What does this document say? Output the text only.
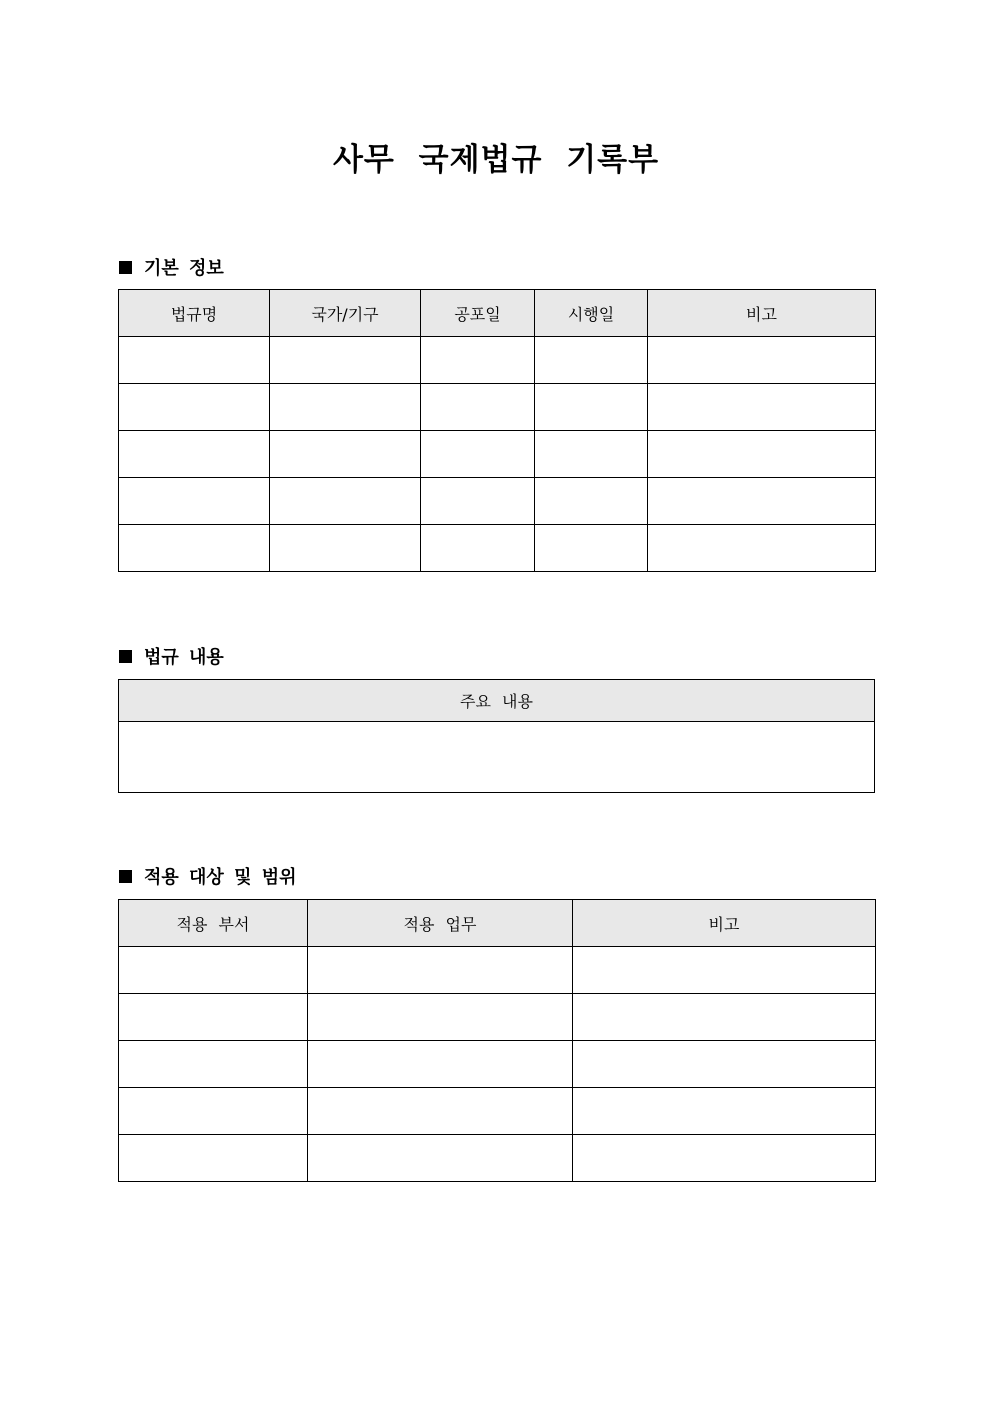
사무 국제법규 기록부
기본 정보
법규명	국가/기구	공포일	시행일	비고

법규 내용
주요 내용

적용 대상 및 범위
적용 부서	적용 업무	비고
